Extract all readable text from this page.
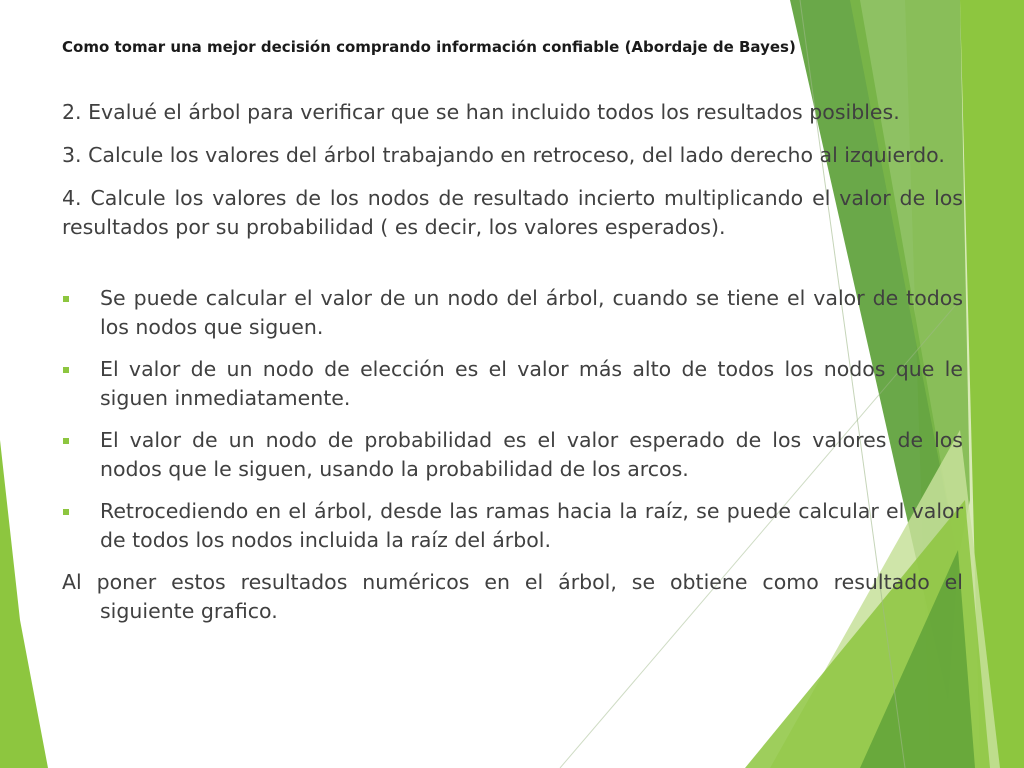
Como tomar una mejor decisión comprando información confiable (Abordaje de Bayes)

2. Evalué el árbol para verificar que se han incluido todos los resultados posibles.

3. Calcule los valores del árbol trabajando en retroceso, del lado derecho al izquierdo.

4. Calcule los valores de los nodos de resultado incierto multiplicando el valor de los resultados por su probabilidad ( es decir, los valores esperados).

Se puede calcular el valor de un nodo del árbol, cuando se tiene el valor de todos los nodos que siguen.
El valor de un nodo de elección es el valor más alto de todos los nodos que le siguen inmediatamente.
El valor de un nodo de probabilidad es el valor esperado de los valores de los nodos que le siguen, usando la probabilidad de los arcos.
Retrocediendo en el árbol, desde las ramas hacia la raíz, se puede calcular el valor de todos los nodos incluida la raíz del árbol.

Al poner estos resultados numéricos en el árbol, se obtiene como resultado el siguiente grafico.
